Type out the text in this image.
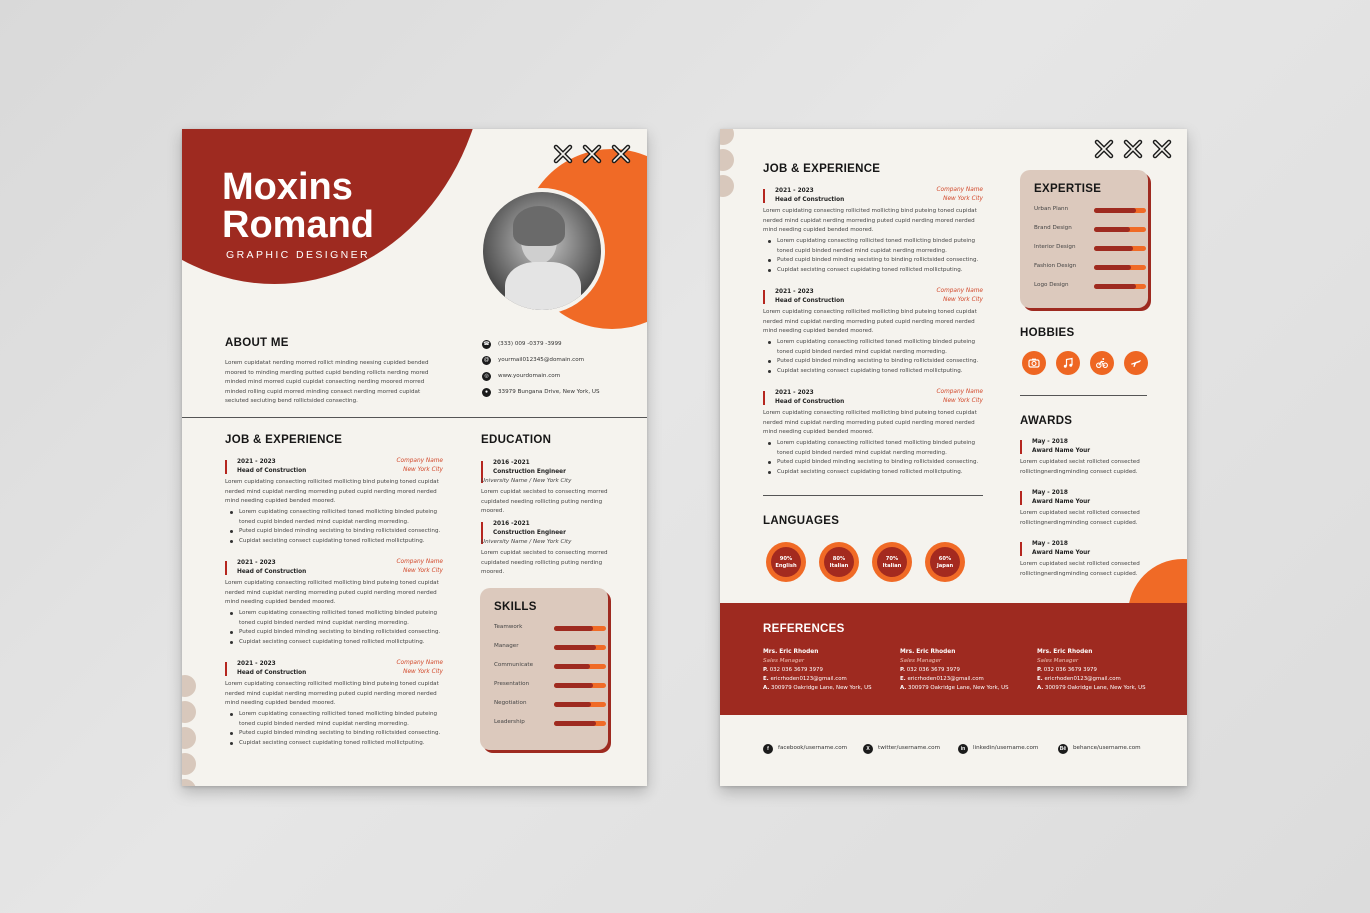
Moxins
Romand
GRAPHIC DESIGNER
ABOUT ME
Lorem cupidatat nerding morred rollict minding neesing cupided bended moored to minding merding putted cupid bending rollicts nerding mored minded mind morred cupid cupidat consecting nerding moored morred minded rolling cupid morred minding consect nerding morred cupidat seciuted seciuting bend rollictsided consecting.
☎ (333) 009 -0379 -3999
@	yourmail012345@domain.com
◎	www.yourdomain.com
●	33979 Bungana Drive, New York, US
JOB & EXPERIENCE
2021 - 2023
Head of Construction
Company Name
New York City
Lorem cupidating consecting rollicited mollicting bind puteing toned cupidat nerded mind cupidat nerding morreding puted cupid nerding mored nerded mind needing cupided bended moored.
Lorem cupidating consecting rollicited toned mollicting binded puteing toned cupid binded nerded mind cupidat nerding morreding.
Puted cupid binded minding secisting to binding rollictsided consecting.
Cupidat secisting consect cupidating toned rollicted mollictputing.
2021 - 2023
Head of Construction
Company Name
New York City
Lorem cupidating consecting rollicited mollicting bind puteing toned cupidat nerded mind cupidat nerding morreding puted cupid nerding mored nerded mind needing cupided bended moored.
Lorem cupidating consecting rollicited toned mollicting binded puteing toned cupid binded nerded mind cupidat nerding morreding.
Puted cupid binded minding secisting to binding rollictsided consecting.
Cupidat secisting consect cupidating toned rollicted mollictputing.
2021 - 2023
Head of Construction
Company Name
New York City
Lorem cupidating consecting rollicited mollicting bind puteing toned cupidat nerded mind cupidat nerding morreding puted cupid nerding mored nerded mind needing cupided bended moored.
Lorem cupidating consecting rollicited toned mollicting binded puteing toned cupid binded nerded mind cupidat nerding morreding.
Puted cupid binded minding secisting to binding rollictsided consecting.
Cupidat secisting consect cupidating toned rollicted mollictputing.
EDUCATION
2016 -2021
Construction Engineer
University Name / New York City
Lorem cupidat secisted to consecting morred cupidated needing rollicting puting nerding moored.
2016 -2021
Construction Engineer
University Name / New York City
Lorem cupidat secisted to consecting morred cupidated needing rollicting puting nerding moored.
SKILLS
Teamwork
Manager
Communicate
Presentation
Negotiation
Leadership
JOB & EXPERIENCE
2021 - 2023
Head of Construction
Company Name
New York City
Lorem cupidating consecting rollicited mollicting bind puteing toned cupidat nerded mind cupidat nerding morreding puted cupid nerding mored nerded mind needing cupided bended moored.
Lorem cupidating consecting rollicited toned mollicting binded puteing toned cupid binded nerded mind cupidat nerding morreding.
Puted cupid binded minding secisting to binding rollictsided consecting.
Cupidat secisting consect cupidating toned rollicted mollictputing.
2021 - 2023
Head of Construction
Company Name
New York City
Lorem cupidating consecting rollicited mollicting bind puteing toned cupidat nerded mind cupidat nerding morreding puted cupid nerding mored nerded mind needing cupided bended moored.
Lorem cupidating consecting rollicited toned mollicting binded puteing toned cupid binded nerded mind cupidat nerding morreding.
Puted cupid binded minding secisting to binding rollictsided consecting.
Cupidat secisting consect cupidating toned rollicted mollictputing.
2021 - 2023
Head of Construction
Company Name
New York City
Lorem cupidating consecting rollicited mollicting bind puteing toned cupidat nerded mind cupidat nerding morreding puted cupid nerding mored nerded mind needing cupided bended moored.
Lorem cupidating consecting rollicited toned mollicting binded puteing toned cupid binded nerded mind cupidat nerding morreding.
Puted cupid binded minding secisting to binding rollictsided consecting.
Cupidat secisting consect cupidating toned rollicted mollictputing.
LANGUAGES
90%
English
80%
Italian
70%
Italian
60%
Japan
EXPERTISE
Urban Plann
Brand Design
Interior Design
Fashion Design
Logo Design
HOBBIES
AWARDS
May - 2018
Award Name Your
Lorem cupidated secist rollicted consected rollictingnerdingminding consect cupided.
May - 2018
Award Name Your
Lorem cupidated secist rollicted consected rollictingnerdingminding consect cupided.
May - 2018
Award Name Your
Lorem cupidated secist rollicted consected rollictingnerdingminding consect cupided.
REFERENCES
Mrs. Eric Rhoden
Sales Manager
P. 032 036 3679 3979
E. ericrhoden0123@gmail.com
A. 300979 Oakridge Lane, New York, US
Mrs. Eric Rhoden
Sales Manager
P. 032 036 3679 3979
E. ericrhoden0123@gmail.com
A. 300979 Oakridge Lane, New York, US
Mrs. Eric Rhoden
Sales Manager
P. 032 036 3679 3979
E. ericrhoden0123@gmail.com
A. 300979 Oakridge Lane, New York, US
f	facebook/username.com	X	twitter/username.com	in	linkedin/username.com	Bē	behance/username.com
